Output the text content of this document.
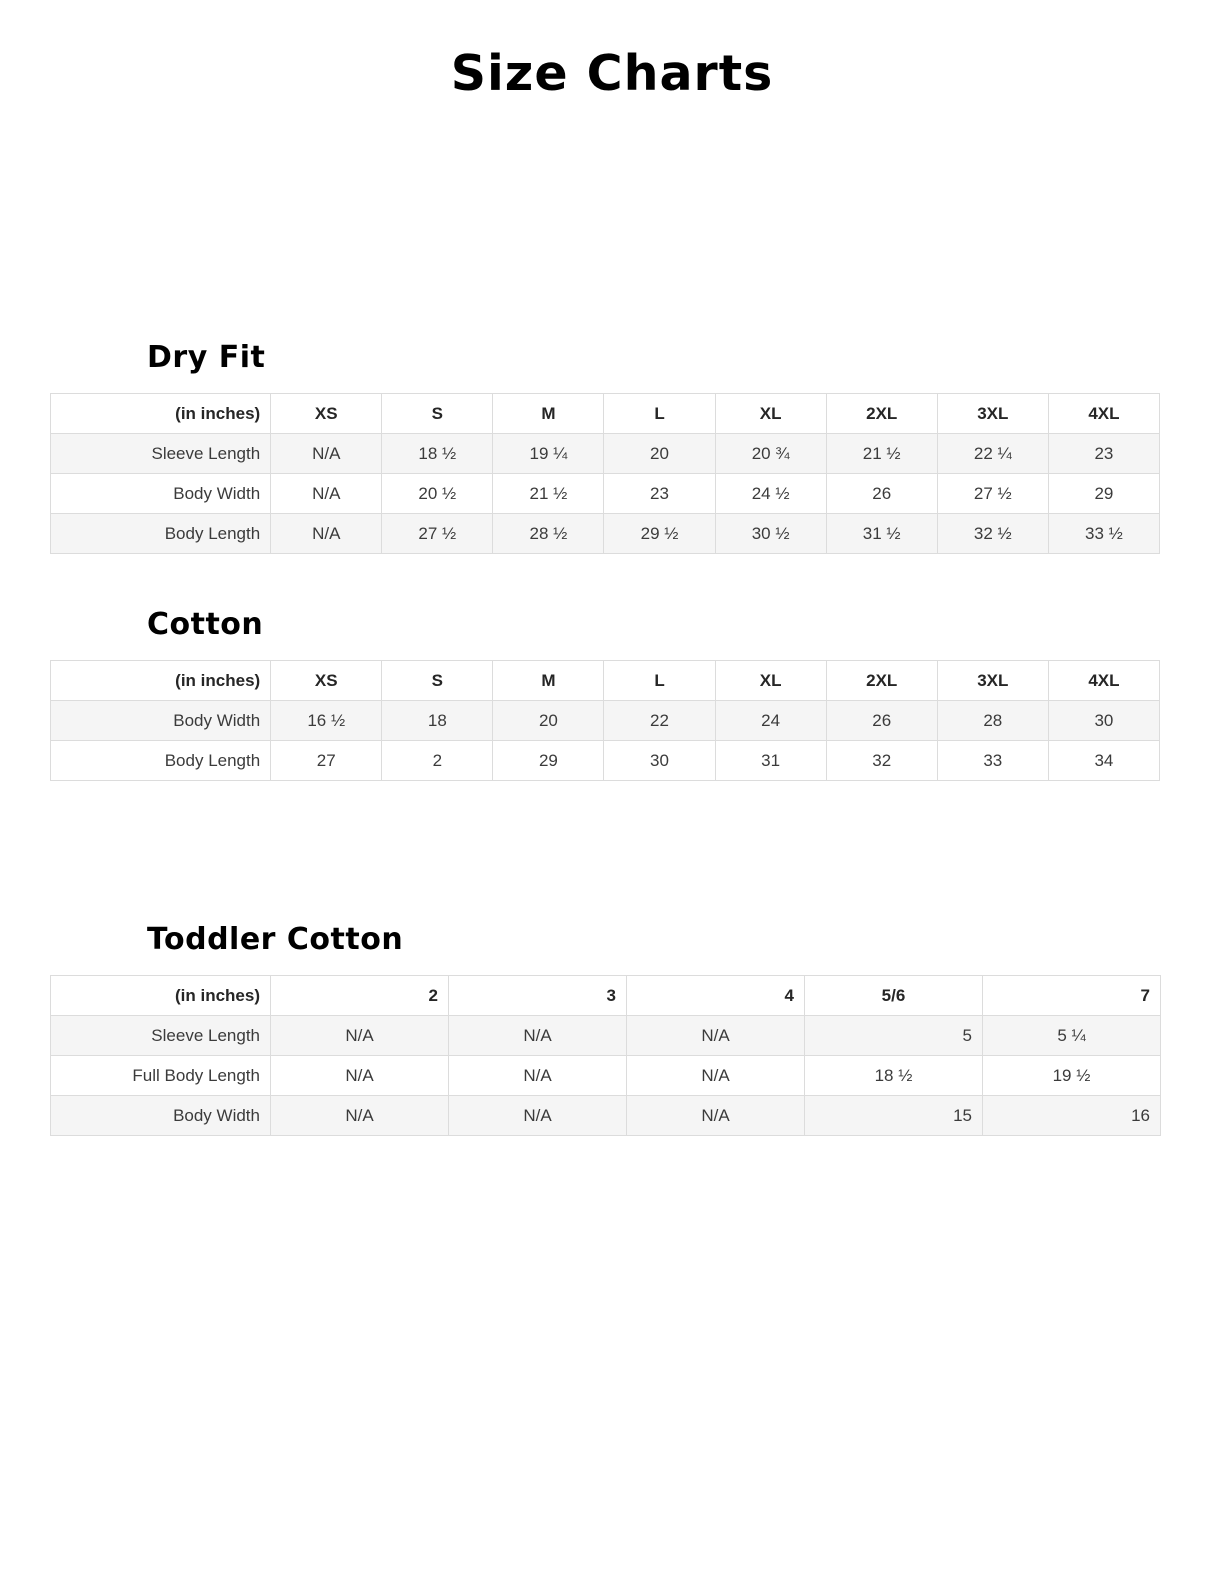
Size Charts
Dry Fit
(in inches)	XS	S	M	L	XL	2XL	3XL	4XL
Sleeve Length	N/A	18 ½	19 ¼	20	20 ¾	21 ½	22 ¼	23
Body Width	N/A	20 ½	21 ½	23	24 ½	26	27 ½	29
Body Length	N/A	27 ½	28 ½	29 ½	30 ½	31 ½	32 ½	33 ½
Cotton
(in inches)	XS	S	M	L	XL	2XL	3XL	4XL
Body Width	16 ½	18	20	22	24	26	28	30
Body Length	27	2	29	30	31	32	33	34
Toddler Cotton
(in inches)	2	3	4	5/6	7
Sleeve Length	N/A	N/A	N/A	5	5 ¼
Full Body Length	N/A	N/A	N/A	18 ½	19 ½
Body Width	N/A	N/A	N/A	15	16
